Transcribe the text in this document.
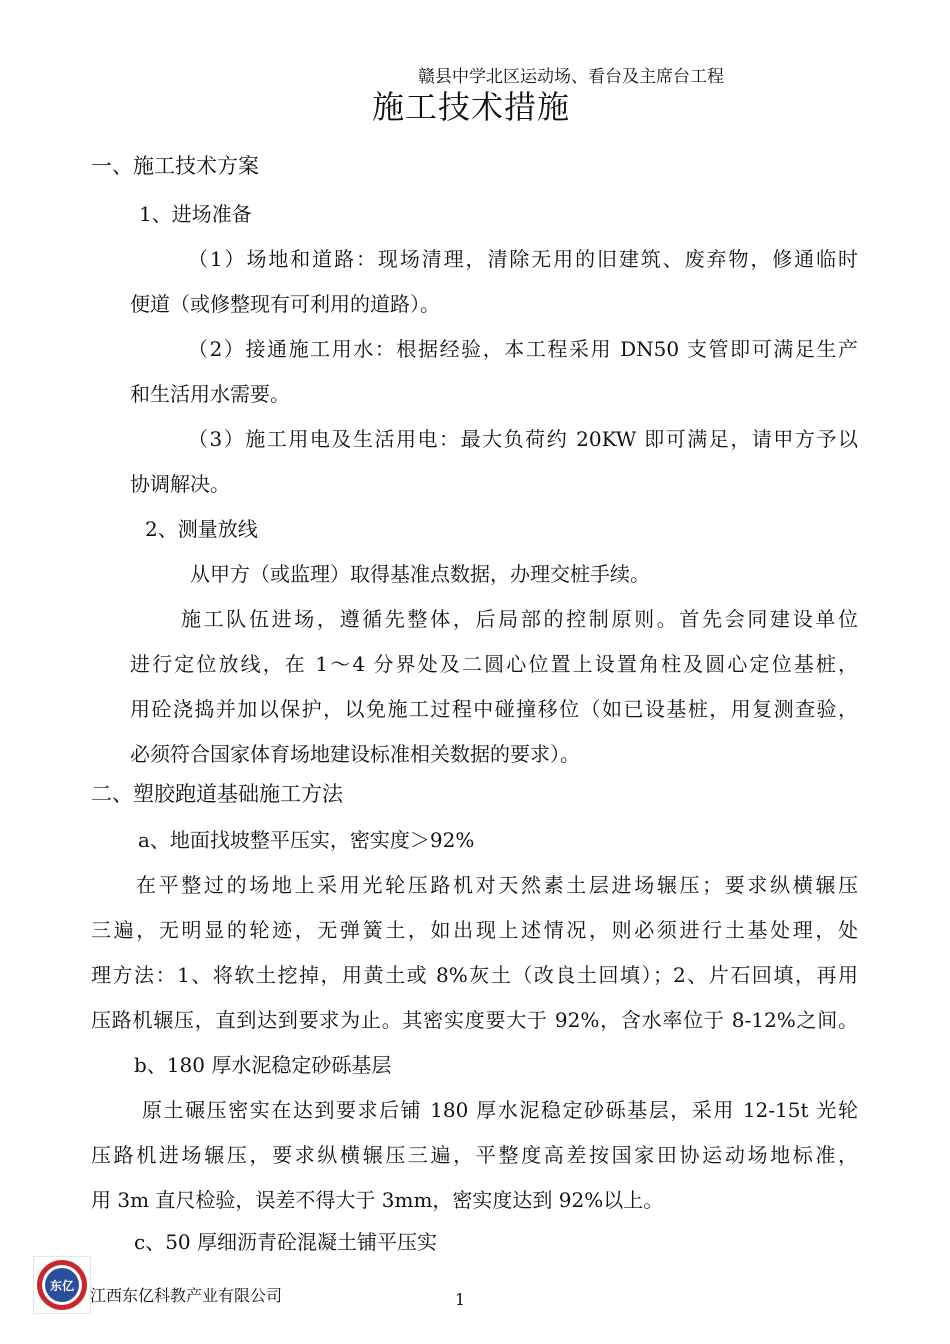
赣县中学北区运动场、看台及主席台工程
施工技术措施
一、施工技术方案
1、进场准备
（1）场地和道路：现场清理，清除无用的旧建筑、废弃物，修通临时
便道（或修整现有可利用的道路）。
（2）接通施工用水：根据经验，本工程采用 DN50 支管即可满足生产
和生活用水需要。
（3）施工用电及生活用电：最大负荷约 20KW 即可满足，请甲方予以
协调解决。
2、测量放线
从甲方（或监理）取得基准点数据，办理交桩手续。
施工队伍进场，遵循先整体，后局部的控制原则。首先会同建设单位
进行定位放线，在 1～4 分界处及二圆心位置上设置角柱及圆心定位基桩，
用砼浇捣并加以保护，以免施工过程中碰撞移位（如已设基桩，用复测查验，
必须符合国家体育场地建设标准相关数据的要求）。
二、塑胶跑道基础施工方法
a、地面找坡整平压实，密实度＞92%
在平整过的场地上采用光轮压路机对天然素土层进场辗压；要求纵横辗压
三遍，无明显的轮迹，无弹簧土，如出现上述情况，则必须进行土基处理，处
理方法：1、将软土挖掉，用黄土或 8%灰土（改良土回填）；2、片石回填，再用
压路机辗压，直到达到要求为止。其密实度要大于 92%，含水率位于 8-12%之间。
b、180 厚水泥稳定砂砾基层
原土碾压密实在达到要求后铺 180 厚水泥稳定砂砾基层，采用 12-15t 光轮
压路机进场辗压，要求纵横辗压三遍，平整度高差按国家田协运动场地标准，
用 3m 直尺检验，误差不得大于 3mm，密实度达到 92%以上。
c、50 厚细沥青砼混凝土铺平压实
东亿 江西东亿科教产业有限公司	1
